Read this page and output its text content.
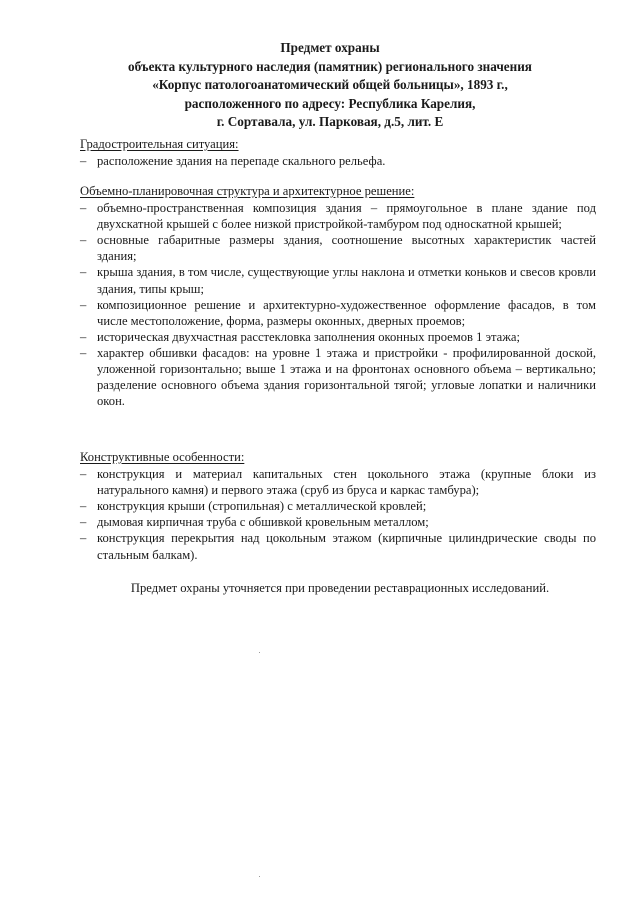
Предмет охраны
объекта культурного наследия (памятник) регионального значения
«Корпус патологоанатомический общей больницы», 1893 г.,
расположенного по адресу: Республика Карелия,
г. Сортавала, ул. Парковая, д.5, лит. Е
Градостроительная ситуация:
– расположение здания на перепаде скального рельефа.
Объемно-планировочная структура и архитектурное решение:
– объемно-пространственная композиция здания – прямоугольное в плане здание под двухскатной крышей с более низкой пристройкой-тамбуром под односкатной крышей;
– основные габаритные размеры здания, соотношение высотных характеристик частей здания;
– крыша здания, в том числе, существующие углы наклона и отметки коньков и свесов кровли здания, типы крыш;
– композиционное решение и архитектурно-художественное оформление фасадов, в том числе местоположение, форма, размеры оконных, дверных проемов;
– историческая двухчастная расстекловка заполнения оконных проемов 1 этажа;
– характер обшивки фасадов: на уровне 1 этажа и пристройки - профилированной доской, уложенной горизонтально; выше 1 этажа и на фронтонах основного объема – вертикально; разделение основного объема здания горизонтальной тягой; угловые лопатки и наличники окон.
Конструктивные особенности:
– конструкция и материал капитальных стен цокольного этажа (крупные блоки из натурального камня) и первого этажа (сруб из бруса и каркас тамбура);
– конструкция крыши (стропильная) с металлической кровлей;
– дымовая кирпичная труба с обшивкой кровельным металлом;
– конструкция перекрытия над цокольным этажом (кирпичные цилиндрические своды по стальным балкам).
Предмет охраны уточняется при проведении реставрационных исследований.
